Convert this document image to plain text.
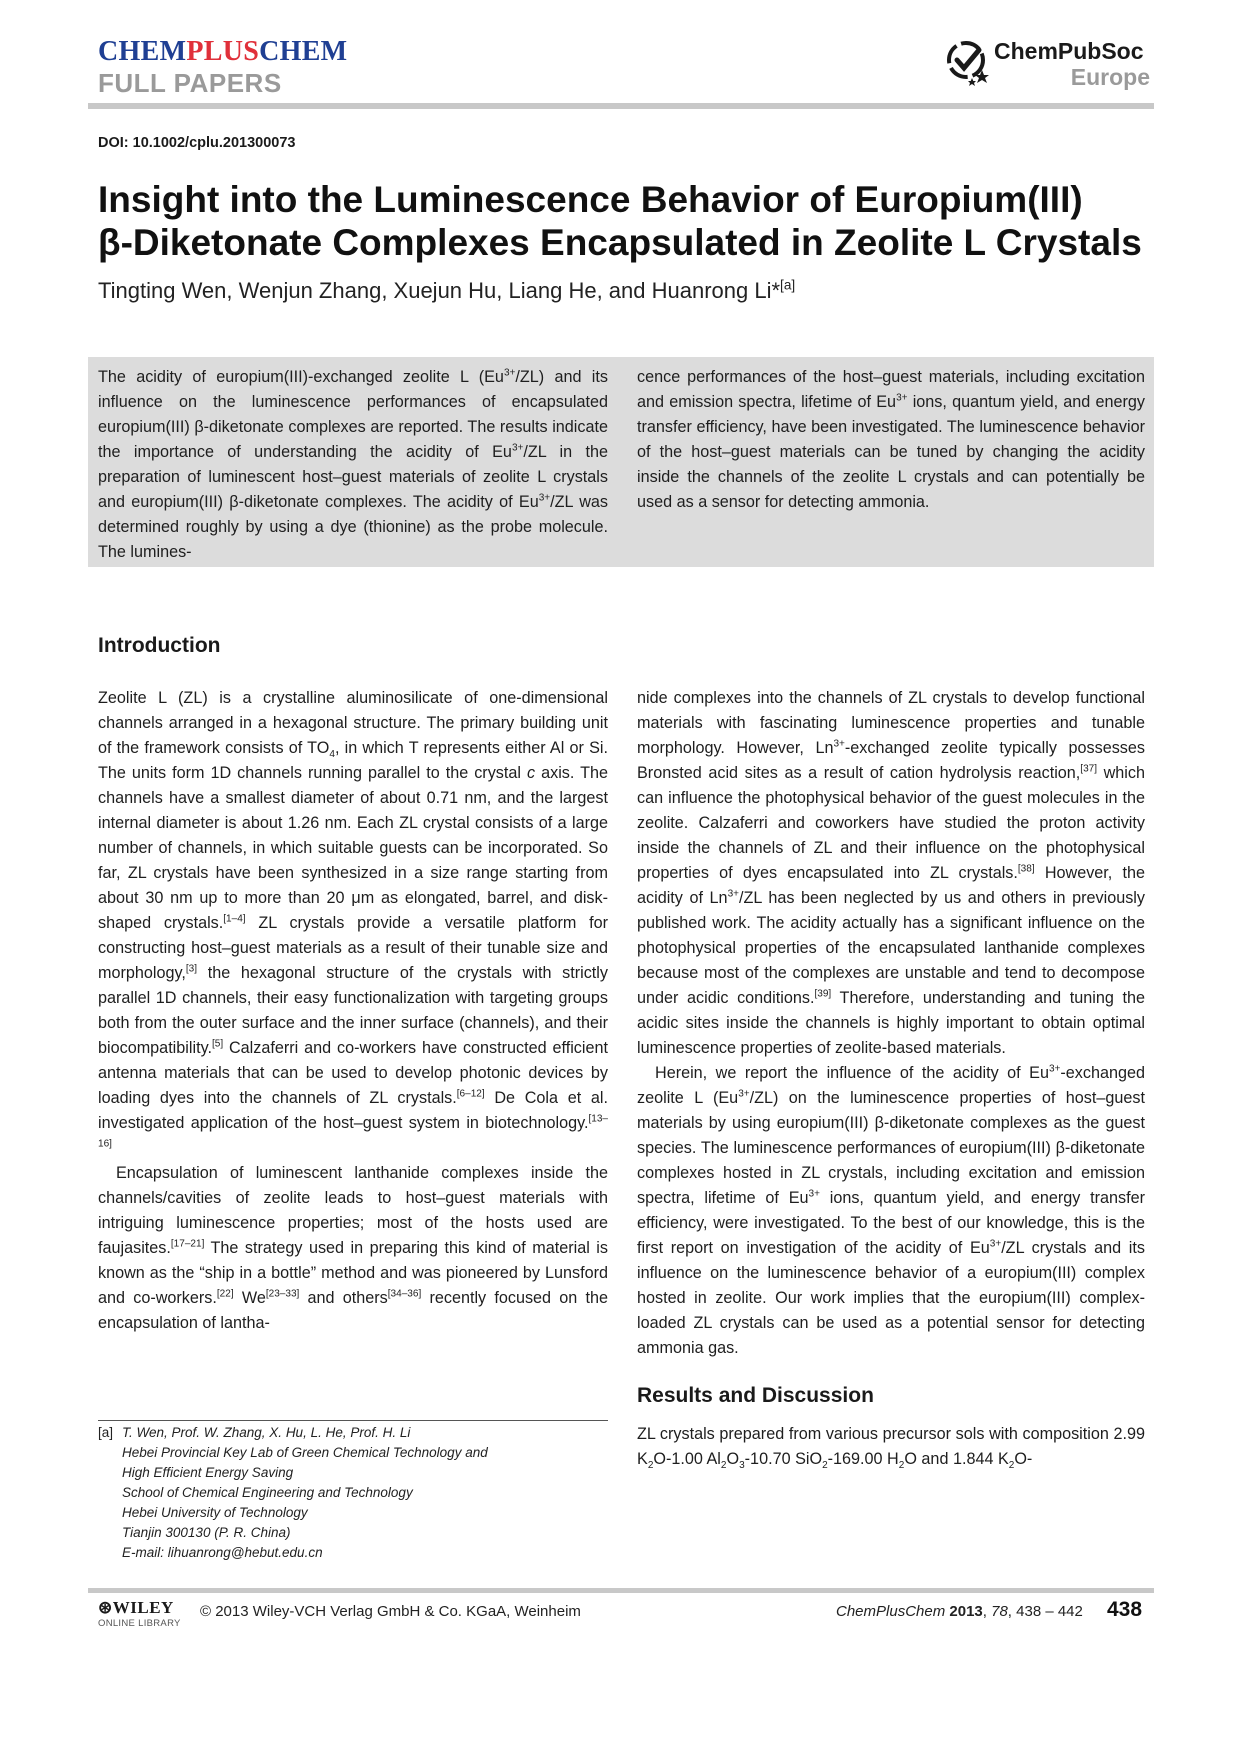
CHEMPLUSCHEM
FULL PAPERS
ChemPubSoc
Europe
DOI: 10.1002/cplu.201300073
Insight into the Luminescence Behavior of Europium(III)
β-Diketonate Complexes Encapsulated in Zeolite L Crystals
Tingting Wen, Wenjun Zhang, Xuejun Hu, Liang He, and Huanrong Li*[a]

The acidity of europium(III)-exchanged zeolite L $(Eu^{3+}/ZL)$ and its influence on the luminescence performances of encapsulated europium(III) β-diketonate complexes are reported. The results indicate the importance of understanding the acidity of $Eu^{3+}/ZL$ in the preparation of luminescent host–guest materials of zeolite L crystals and europium(III) β-diketonate complexes. The acidity of $Eu^{3+}/ZL$ was determined roughly by using a dye (thionine) as the probe molecule. The lumines-

cence performances of the host–guest materials, including excitation and emission spectra, lifetime of $Eu^{3+}$ ions, quantum yield, and energy transfer efficiency, have been investigated. The luminescence behavior of the host–guest materials can be tuned by changing the acidity inside the channels of the zeolite L crystals and can potentially be used as a sensor for detecting ammonia.

Introduction

Zeolite L (ZL) is a crystalline aluminosilicate of one-dimensional channels arranged in a hexagonal structure. The primary building unit of the framework consists of $TO_4$, in which T represents either Al or Si. The units form 1D channels running parallel to the crystal c axis. The channels have a smallest diameter of about 0.71 nm, and the largest internal diameter is about 1.26 nm. Each ZL crystal consists of a large number of channels, in which suitable guests can be incorporated. So far, ZL crystals have been synthesized in a size range starting from about 30 nm up to more than 20 μm as elongated, barrel, and disk-shaped crystals.[1–4] ZL crystals provide a versatile platform for constructing host–guest materials as a result of their tunable size and morphology,[3] the hexagonal structure of the crystals with strictly parallel 1D channels, their easy functionalization with targeting groups both from the outer surface and the inner surface (channels), and their biocompatibility.[5] Calzaferri and co-workers have constructed efficient antenna materials that can be used to develop photonic devices by loading dyes into the channels of ZL crystals.[6–12] De Cola et al. investigated application of the host–guest system in biotechnology.[13–16]

Encapsulation of luminescent lanthanide complexes inside the channels/cavities of zeolite leads to host–guest materials with intriguing luminescence properties; most of the hosts used are faujasites.[17–21] The strategy used in preparing this kind of material is known as the “ship in a bottle” method and was pioneered by Lunsford and co-workers.[22] We[23–33] and others[34–36] recently focused on the encapsulation of lantha-

nide complexes into the channels of ZL crystals to develop functional materials with fascinating luminescence properties and tunable morphology. However, $Ln^{3+}$-exchanged zeolite typically possesses Bronsted acid sites as a result of cation hydrolysis reaction,[37] which can influence the photophysical behavior of the guest molecules in the zeolite. Calzaferri and coworkers have studied the proton activity inside the channels of ZL and their influence on the photophysical properties of dyes encapsulated into ZL crystals.[38] However, the acidity of $Ln^{3+}/ZL$ has been neglected by us and others in previously published work. The acidity actually has a significant influence on the photophysical properties of the encapsulated lanthanide complexes because most of the complexes are unstable and tend to decompose under acidic conditions.[39] Therefore, understanding and tuning the acidic sites inside the channels is highly important to obtain optimal luminescence properties of zeolite-based materials.

Herein, we report the influence of the acidity of $Eu^{3+}$-exchanged zeolite L $(Eu^{3+}/ZL)$ on the luminescence properties of host–guest materials by using europium(III) β-diketonate complexes as the guest species. The luminescence performances of europium(III) β-diketonate complexes hosted in ZL crystals, including excitation and emission spectra, lifetime of $Eu^{3+}$ ions, quantum yield, and energy transfer efficiency, were investigated. To the best of our knowledge, this is the first report on investigation of the acidity of $Eu^{3+}/ZL$ crystals and its influence on the luminescence behavior of a europium(III) complex hosted in zeolite. Our work implies that the europium(III) complex-loaded ZL crystals can be used as a potential sensor for detecting ammonia gas.

Results and Discussion

ZL crystals prepared from various precursor sols with composition 2.99 $K_2O-1.00$ $Al_2O_3-10.70$ SiO$_2$-169.00 $H_2O$ and 1.844 $K_2O-$

[a] T. Wen, Prof. W. Zhang, X. Hu, L. He, Prof. H. Li
Hebei Provincial Key Lab of Green Chemical Technology and
High Efficient Energy Saving
School of Chemical Engineering and Technology
Hebei University of Technology
Tianjin 300130 (P. R. China)
E-mail: lihuanrong@hebut.edu.cn
⊛WILEY
ONLINE LIBRARY
© 2013 Wiley-VCH Verlag GmbH & Co. KGaA, Weinheim	ChemPlusChem 2013, 78, 438 – 442 438
